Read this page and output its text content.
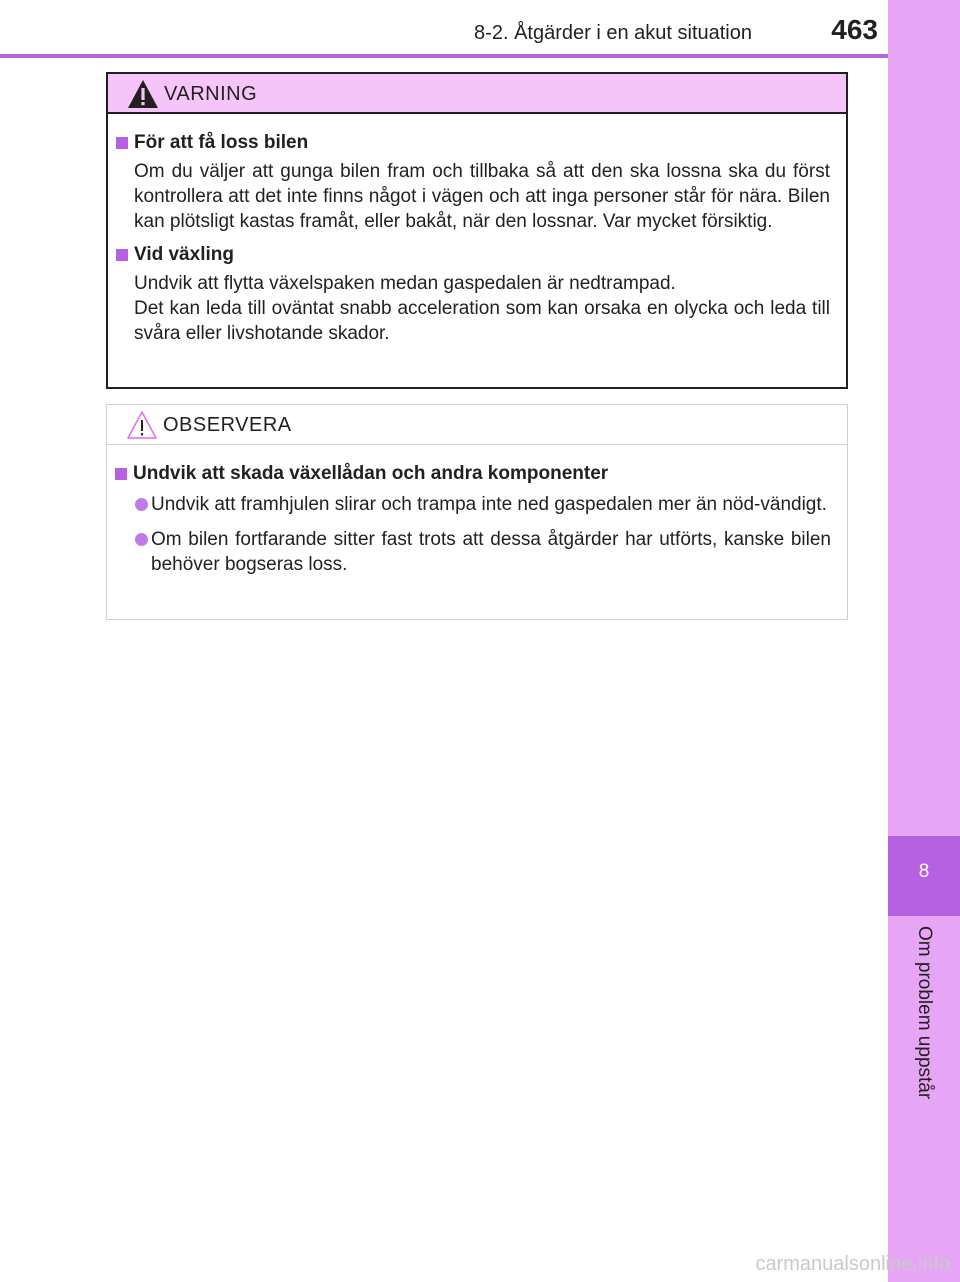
8-2. Åtgärder i en akut situation	463
8
Om problem uppstår
VARNING
För att få loss bilen

Om du väljer att gunga bilen fram och tillbaka så att den ska lossna ska du först kontrollera att det inte finns något i vägen och att inga personer står för nära. Bilen kan plötsligt kastas framåt, eller bakåt, när den lossnar. Var mycket försiktig.

Vid växling

Undvik att flytta växelspaken medan gaspedalen är nedtrampad.

Det kan leda till oväntat snabb acceleration som kan orsaka en olycka och leda till svåra eller livshotande skador.

OBSERVERA
Undvik att skada växellådan och andra komponenter
Undvik att framhjulen slirar och trampa inte ned gaspedalen mer än nöd-vändigt.
Om bilen fortfarande sitter fast trots att dessa åtgärder har utförts, kanske bilen behöver bogseras loss.
carmanualsonline.info
